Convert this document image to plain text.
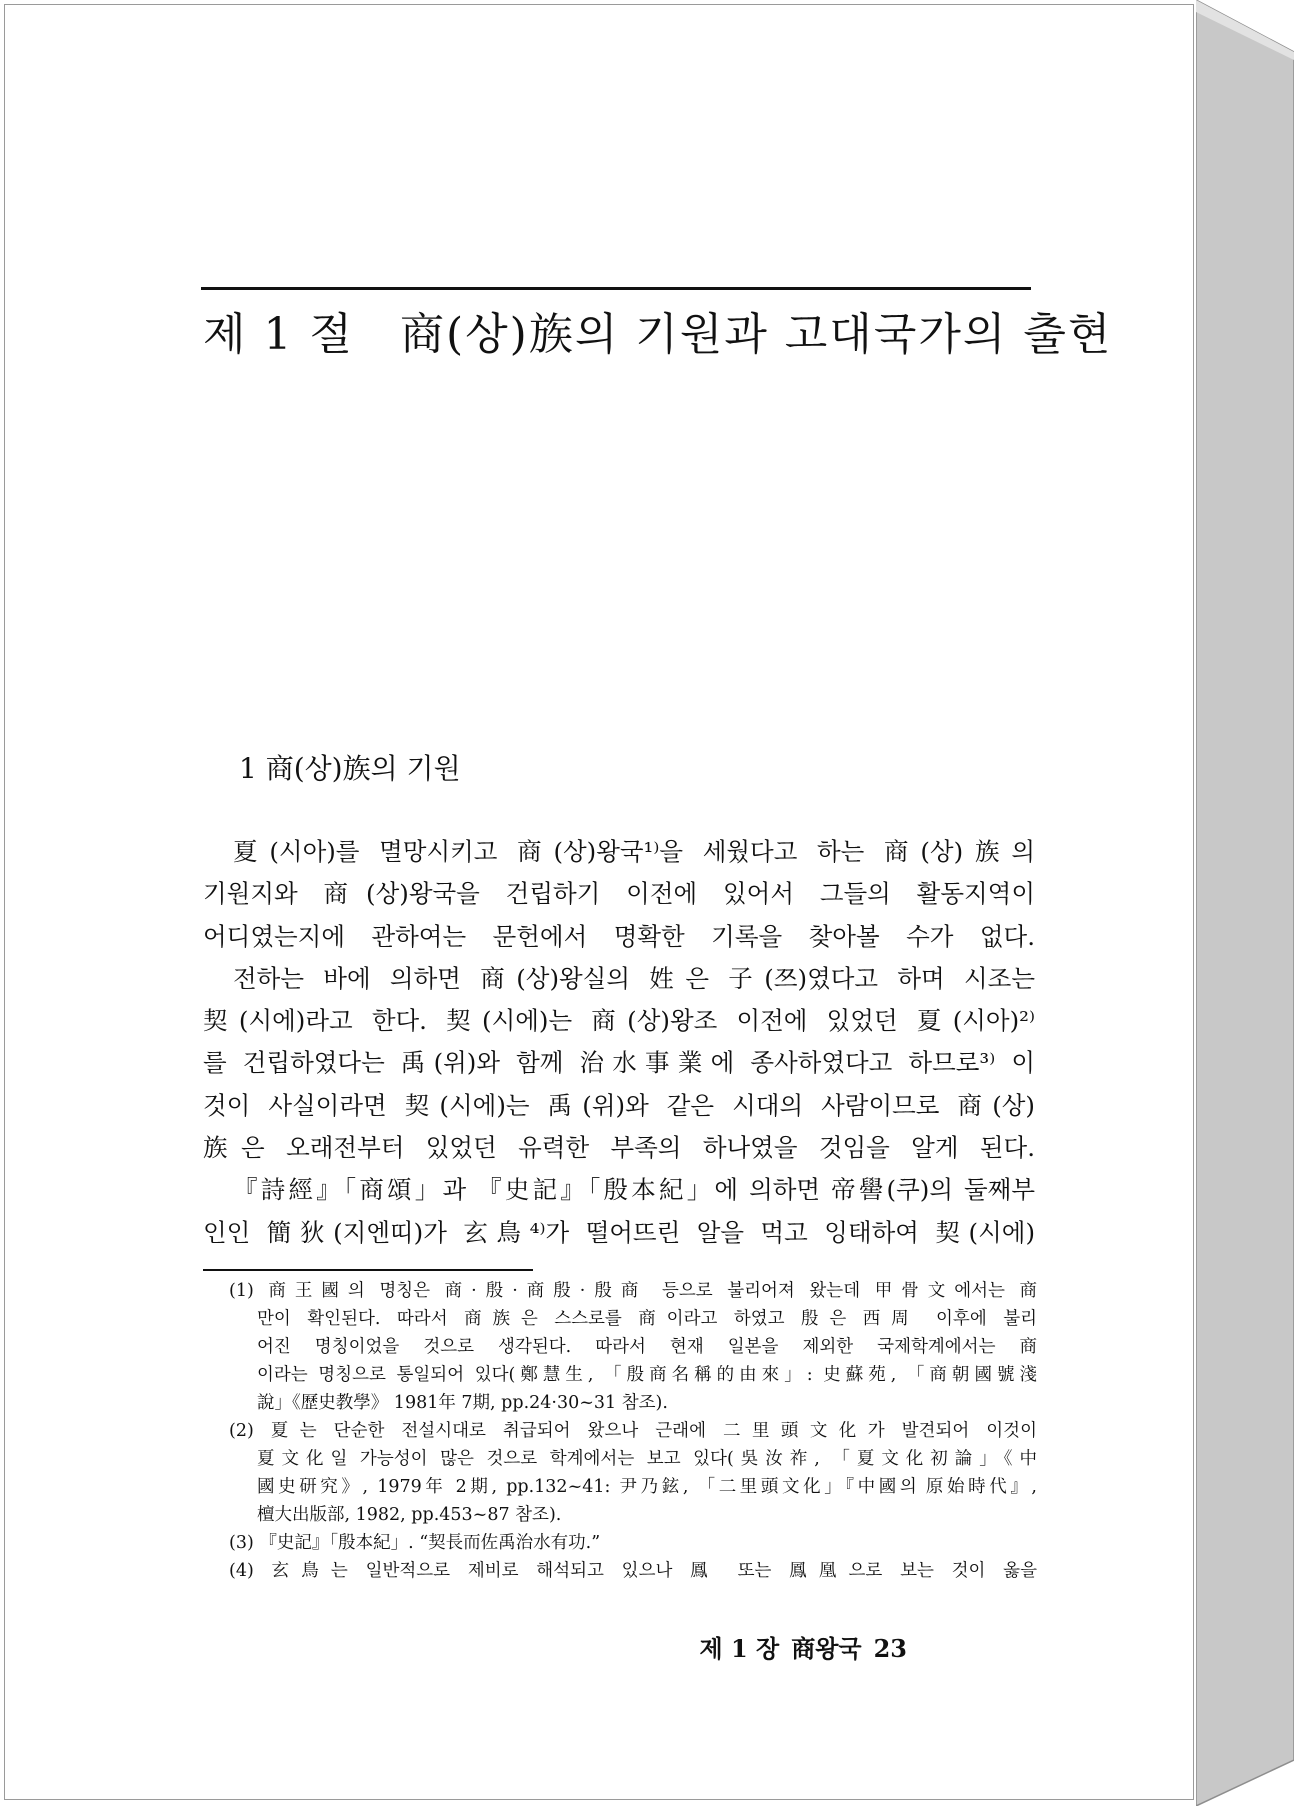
제 1 절 商(상)族의 기원과 고대국가의 출현
1 商(상)族의 기원
夏(시아)를 멸망시키고 商(상)왕국¹⁾을 세웠다고 하는 商(상)族의
기원지와 商(상)왕국을 건립하기 이전에 있어서 그들의 활동지역이
어디였는지에 관하여는 문헌에서 명확한 기록을 찾아볼 수가 없다.
전하는 바에 의하면 商(상)왕실의 姓은 子(쯔)였다고 하며 시조는
契(시에)라고 한다. 契(시에)는 商(상)왕조 이전에 있었던 夏(시아)²⁾
를 건립하였다는 禹(위)와 함께 治水事業에 종사하였다고 하므로³⁾ 이
것이 사실이라면 契(시에)는 禹(위)와 같은 시대의 사람이므로 商(상)
族은 오래전부터 있었던 유력한 부족의 하나였을 것임을 알게 된다.
『詩經』「商頌」과 『史記』「殷本紀」에 의하면 帝嚳(쿠)의 둘째부
인인 簡狄(지엔띠)가 玄鳥⁴⁾가 떨어뜨린 알을 먹고 잉태하여 契(시에)
(1) 商王國의 명칭은 商·殷·商殷·殷商 등으로 불리어져 왔는데 甲骨文에서는 商
만이 확인된다. 따라서 商族은 스스로를 商이라고 하였고 殷은 西周 이후에 불리
어진 명칭이었을 것으로 생각된다. 따라서 현재 일본을 제외한 국제학계에서는 商
이라는 명칭으로 통일되어 있다(鄭慧生, 「殷商名稱的由來」: 史蘇苑, 「商朝國號淺
說」《歷史教學》 1981年 7期, pp.24·30~31 참조).
(2) 夏는 단순한 전설시대로 취급되어 왔으나 근래에 二里頭文化가 발견되어 이것이
夏文化일 가능성이 많은 것으로 학계에서는 보고 있다(吳汝祚, 「夏文化初論」《中
國史研究》, 1979年 2期, pp.132~41: 尹乃鉉, 「二里頭文化」『中國의 原始時代』,
檀大出版部, 1982, pp.453~87 참조).
(3) 『史記』「殷本紀」. “契長而佐禹治水有功.”
(4) 玄鳥는 일반적으로 제비로 해석되고 있으나 鳳 또는 鳳凰으로 보는 것이 옳을
제 1 장 商왕국 23
